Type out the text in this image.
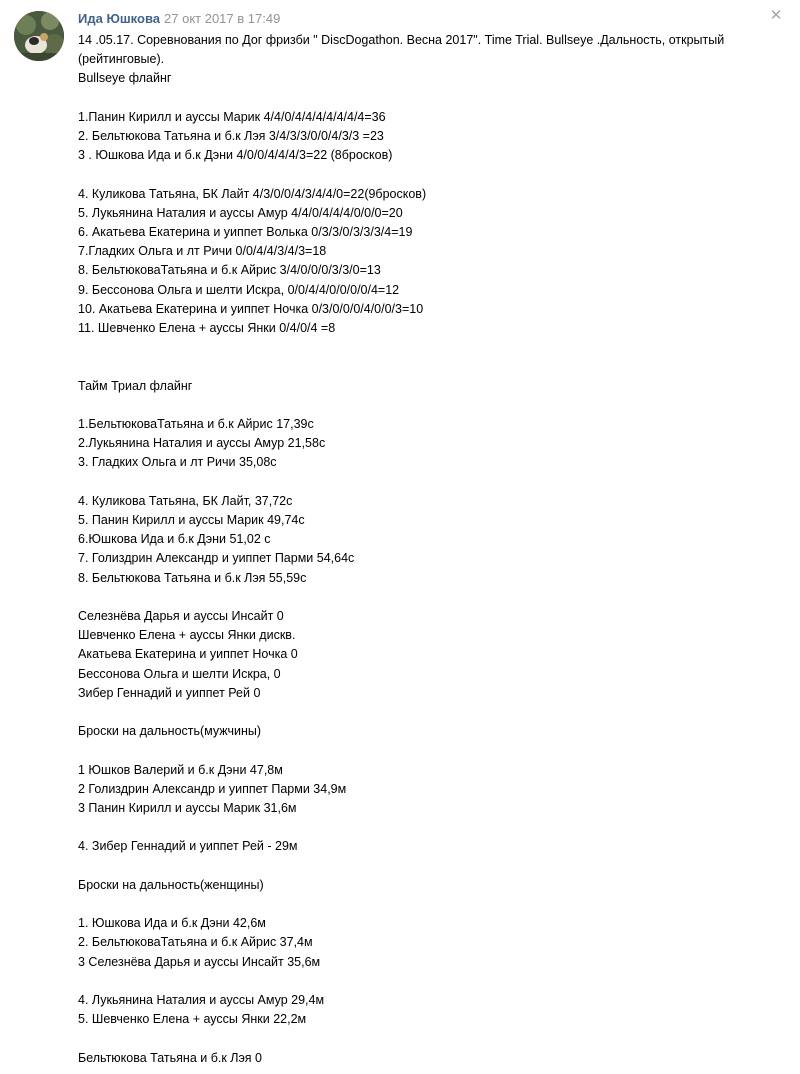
Ида Юшкова 27 окт 2017 в 17:49	✕
14 .05.17. Соревнования по Дог фризби " DiscDogathon. Весна 2017". Time Trial. Bullseye .Дальность, открытый (рейтинговые).
Bullseye флайнг
1.Панин Кирилл и ауссы Марик 4/4/0/4/4/4/4/4/4/4=36
2. Бельтюкова Татьяна и б.к Лэя 3/4/3/3/0/0/4/3/3 =23
3 . Юшкова Ида и б.к Дэни 4/0/0/4/4/4/3=22 (8бросков)
4. Куликова Татьяна, БК Лайт 4/3/0/0/4/3/4/4/0=22(9бросков)
5. Лукьянина Наталия и ауссы Амур 4/4/0/4/4/4/0/0/0=20
6. Акатьева Екатерина и уиппет Волька 0/3/3/0/3/3/3/4=19
7.Гладких Ольга и лт Ричи 0/0/4/4/3/4/3=18
8. БельтюковаТатьяна и б.к Айрис 3/4/0/0/0/3/3/0=13
9. Бессонова Ольга и шелти Искра, 0/0/4/4/0/0/0/0/4=12
10. Акатьева Екатерина и уиппет Ночка 0/3/0/0/0/4/0/0/3=10
11. Шевченко Елена + ауссы Янки 0/4/0/4 =8
Тайм Триал флайнг
1.БельтюковаТатьяна и б.к Айрис 17,39с
2.Лукьянина Наталия и ауссы Амур 21,58с
3. Гладких Ольга и лт Ричи 35,08с
4. Куликова Татьяна, БК Лайт, 37,72с
5. Панин Кирилл и ауссы Марик 49,74с
6.Юшкова Ида и б.к Дэни 51,02 с
7. Голиздрин Александр и уиппет Парми 54,64с
8. Бельтюкова Татьяна и б.к Лэя 55,59с
Селезнёва Дарья и ауссы Инсайт 0
Шевченко Елена + ауссы Янки дискв.
Акатьева Екатерина и уиппет Ночка 0
Бессонова Ольга и шелти Искра, 0
Зибер Геннадий и уиппет Рей 0
Броски на дальность(мужчины)
1 Юшков Валерий и б.к Дэни 47,8м
2 Голиздрин Александр и уиппет Парми 34,9м
3 Панин Кирилл и ауссы Марик 31,6м
4. Зибер Геннадий и уиппет Рей - 29м
Броски на дальность(женщины)
1. Юшкова Ида и б.к Дэни 42,6м
2. БельтюковаТатьяна и б.к Айрис 37,4м
3 Селезнёва Дарья и ауссы Инсайт 35,6м
4. Лукьянина Наталия и ауссы Амур 29,4м
5. Шевченко Елена + ауссы Янки 22,2м
Бельтюкова Татьяна и б.к Лэя 0
